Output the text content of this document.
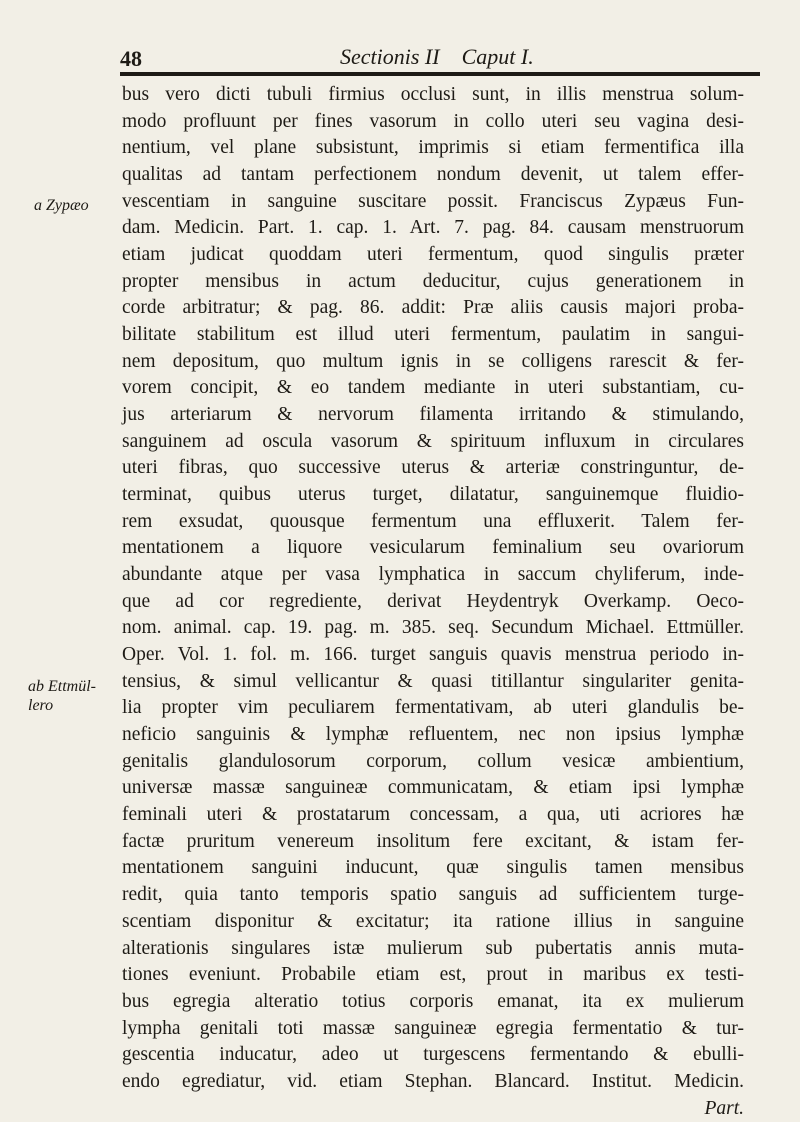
48	Sectionis II Caput I.
a Zypæo
ab Ettmül-lero
bus vero dicti tubuli firmius occlusi sunt, in illis menstrua solum-
modo profluunt per fines vasorum in collo uteri seu vagina desi-
nentium, vel plane subsistunt, imprimis si etiam fermentifica illa
qualitas ad tantam perfectionem nondum devenit, ut talem effer-
vescentiam in sanguine suscitare possit. Franciscus Zypæus Fun-
dam. Medicin. Part. 1. cap. 1. Art. 7. pag. 84. causam menstruorum
etiam judicat quoddam uteri fermentum, quod singulis præter
propter mensibus in actum deducitur, cujus generationem in
corde arbitratur; & pag. 86. addit: Præ aliis causis majori proba-
bilitate stabilitum est illud uteri fermentum, paulatim in sangui-
nem depositum, quo multum ignis in se colligens rarescit & fer-
vorem concipit, & eo tandem mediante in uteri substantiam, cu-
jus arteriarum & nervorum filamenta irritando & stimulando,
sanguinem ad oscula vasorum & spirituum influxum in circulares
uteri fibras, quo successive uterus & arteriæ constringuntur, de-
terminat, quibus uterus turget, dilatatur, sanguinemque fluidio-
rem exsudat, quousque fermentum una effluxerit. Talem fer-
mentationem a liquore vesicularum feminalium seu ovariorum
abundante atque per vasa lymphatica in saccum chyliferum, inde-
que ad cor regrediente, derivat Heydentryk Overkamp. Oeco-
nom. animal. cap. 19. pag. m. 385. seq. Secundum Michael. Ettmüller.
Oper. Vol. 1. fol. m. 166. turget sanguis quavis menstrua periodo in-
tensius, & simul vellicantur & quasi titillantur singulariter genita-
lia propter vim peculiarem fermentativam, ab uteri glandulis be-
neficio sanguinis & lymphæ refluentem, nec non ipsius lymphæ
genitalis glandulosorum corporum, collum vesicæ ambientium,
universæ massæ sanguineæ communicatam, & etiam ipsi lymphæ
feminali uteri & prostatarum concessam, a qua, uti acriores hæ
factæ pruritum venereum insolitum fere excitant, & istam fer-
mentationem sanguini inducunt, quæ singulis tamen mensibus
redit, quia tanto temporis spatio sanguis ad sufficientem turge-
scentiam disponitur & excitatur; ita ratione illius in sanguine
alterationis singulares istæ mulierum sub pubertatis annis muta-
tiones eveniunt. Probabile etiam est, prout in maribus ex testi-
bus egregia alteratio totius corporis emanat, ita ex mulierum
lympha genitali toti massæ sanguineæ egregia fermentatio & tur-
gescentia inducatur, adeo ut turgescens fermentando & ebulli-
endo egrediatur, vid. etiam Stephan. Blancard. Institut. Medicin.
Part.
